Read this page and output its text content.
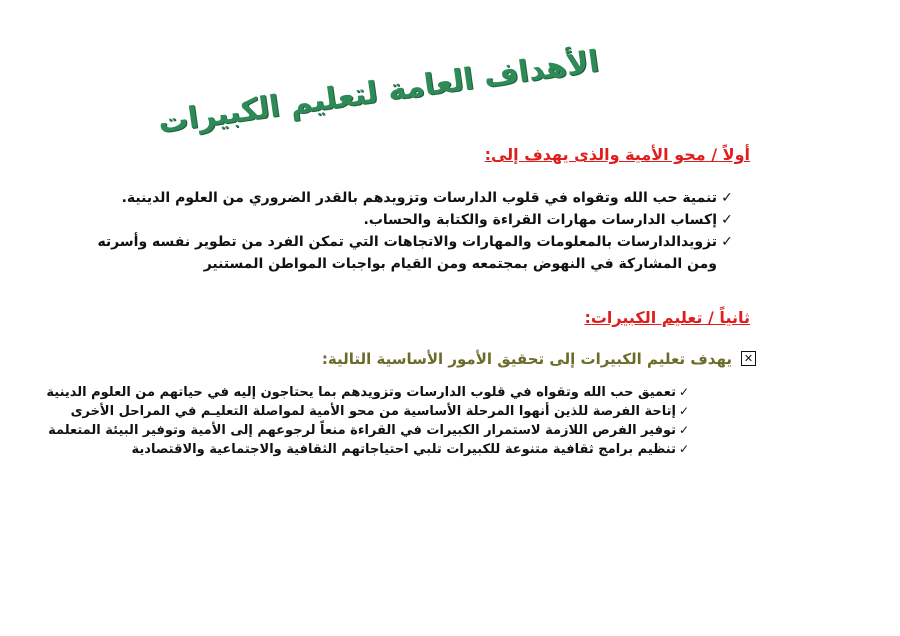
الأهداف العامة لتعليم الكبيرات
أولاً / محو الأمية والذى يهدف إلى:
✓
تنمية حب الله وتقواه في قلوب الدارسات وتزويدهم بالقدر الضروري من العلوم الدينية.
✓
إكساب الدارسات مهارات القراءة والكتابة والحساب.
✓
تزويدالدارسات بالمعلومات والمهارات والاتجاهات التي تمكن الفرد من تطوير نفسه وأسرته ومن المشاركة في النهوض بمجتمعه ومن القيام بواجبات المواطن المستنير
ثانياً / تعليم الكبيرات:
✕
يهدف تعليم الكبيرات إلى تحقيق الأمور الأساسية التالية:
✓
تعميق حب الله وتقواه في قلوب الدارسات وتزويدهم بما يحتاجون إليه في حياتهم من العلوم الدينية
✓
إتاحة الفرصة للذين أنهوا المرحلة الأساسية من محو الأمية لمواصلة التعليـم في المراحل الأخرى
✓
توفير الفرص اللازمة لاستمرار الكبيرات في القراءة منعاً لرجوعهم إلى الأمية وتوفير البيئة المتعلمة
✓
تنظيم برامج ثقافية متنوعة للكبيرات تلبي احتياجاتهم الثقافية والاجتماعية والاقتصادية
